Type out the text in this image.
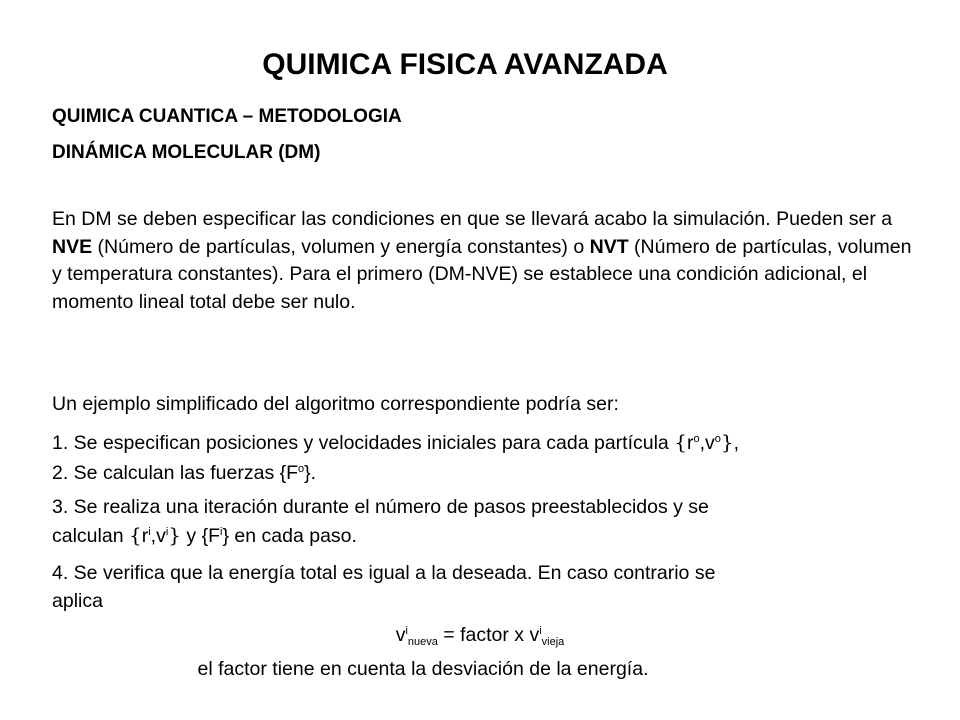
QUIMICA FISICA AVANZADA
QUIMICA CUANTICA – METODOLOGIA
DINÁMICA MOLECULAR (DM)
En DM se deben especificar las condiciones en que se llevará acabo la simulación. Pueden ser a NVE (Número de partículas, volumen y energía constantes) o NVT (Número de partículas, volumen y temperatura constantes). Para el primero (DM-NVE) se establece una condición adicional, el momento lineal total debe ser nulo.
Un ejemplo simplificado del algoritmo correspondiente podría ser:
1. Se especifican posiciones y velocidades iniciales para cada partícula $\{r^o,v^o\}$,
2. Se calculan las fuerzas $\{F^o\}$.
3. Se realiza una iteración durante el número de pasos preestablecidos y se
calculan $\{r^i,v^i\}$ y $\{F^i\}$ en cada paso.
4. Se verifica que la energía total es igual a la deseada. En caso contrario se
aplica
$v^i_{nueva}$ = factor x $v^i_{vieja}$
el factor tiene en cuenta la desviación de la energía.
